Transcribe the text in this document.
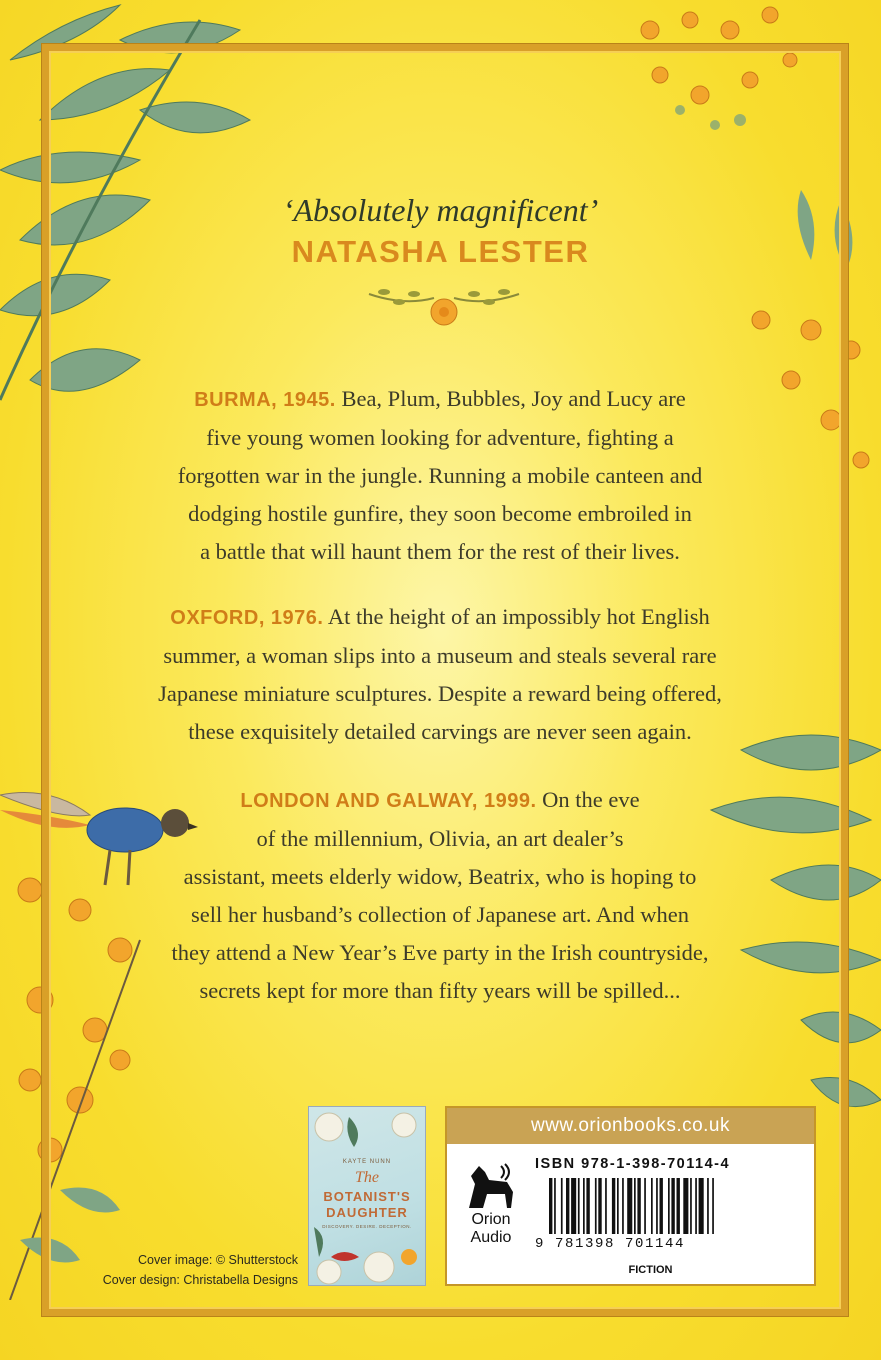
‘Absolutely magnificent’
NATASHA LESTER
BURMA, 1945. Bea, Plum, Bubbles, Joy and Lucy are
five young women looking for adventure, fighting a
forgotten war in the jungle. Running a mobile canteen and
dodging hostile gunfire, they soon become embroiled in
a battle that will haunt them for the rest of their lives.
OXFORD, 1976. At the height of an impossibly hot English
summer, a woman slips into a museum and steals several rare
Japanese miniature sculptures. Despite a reward being offered,
these exquisitely detailed carvings are never seen again.
LONDON AND GALWAY, 1999. On the eve
of the millennium, Olivia, an art dealer’s
assistant, meets elderly widow, Beatrix, who is hoping to
sell her husband’s collection of Japanese art. And when
they attend a New Year’s Eve party in the Irish countryside,
secrets kept for more than fifty years will be spilled...
Cover image: © Shutterstock
Cover design: Christabella Designs
KAYTE NUNN
The
BOTANIST'S
DAUGHTER
DISCOVERY. DESIRE. DECEPTION.
www.orionbooks.co.uk
Orion
Audio
ISBN 978-1-398-70114-4
9 781398 701144
FICTION
